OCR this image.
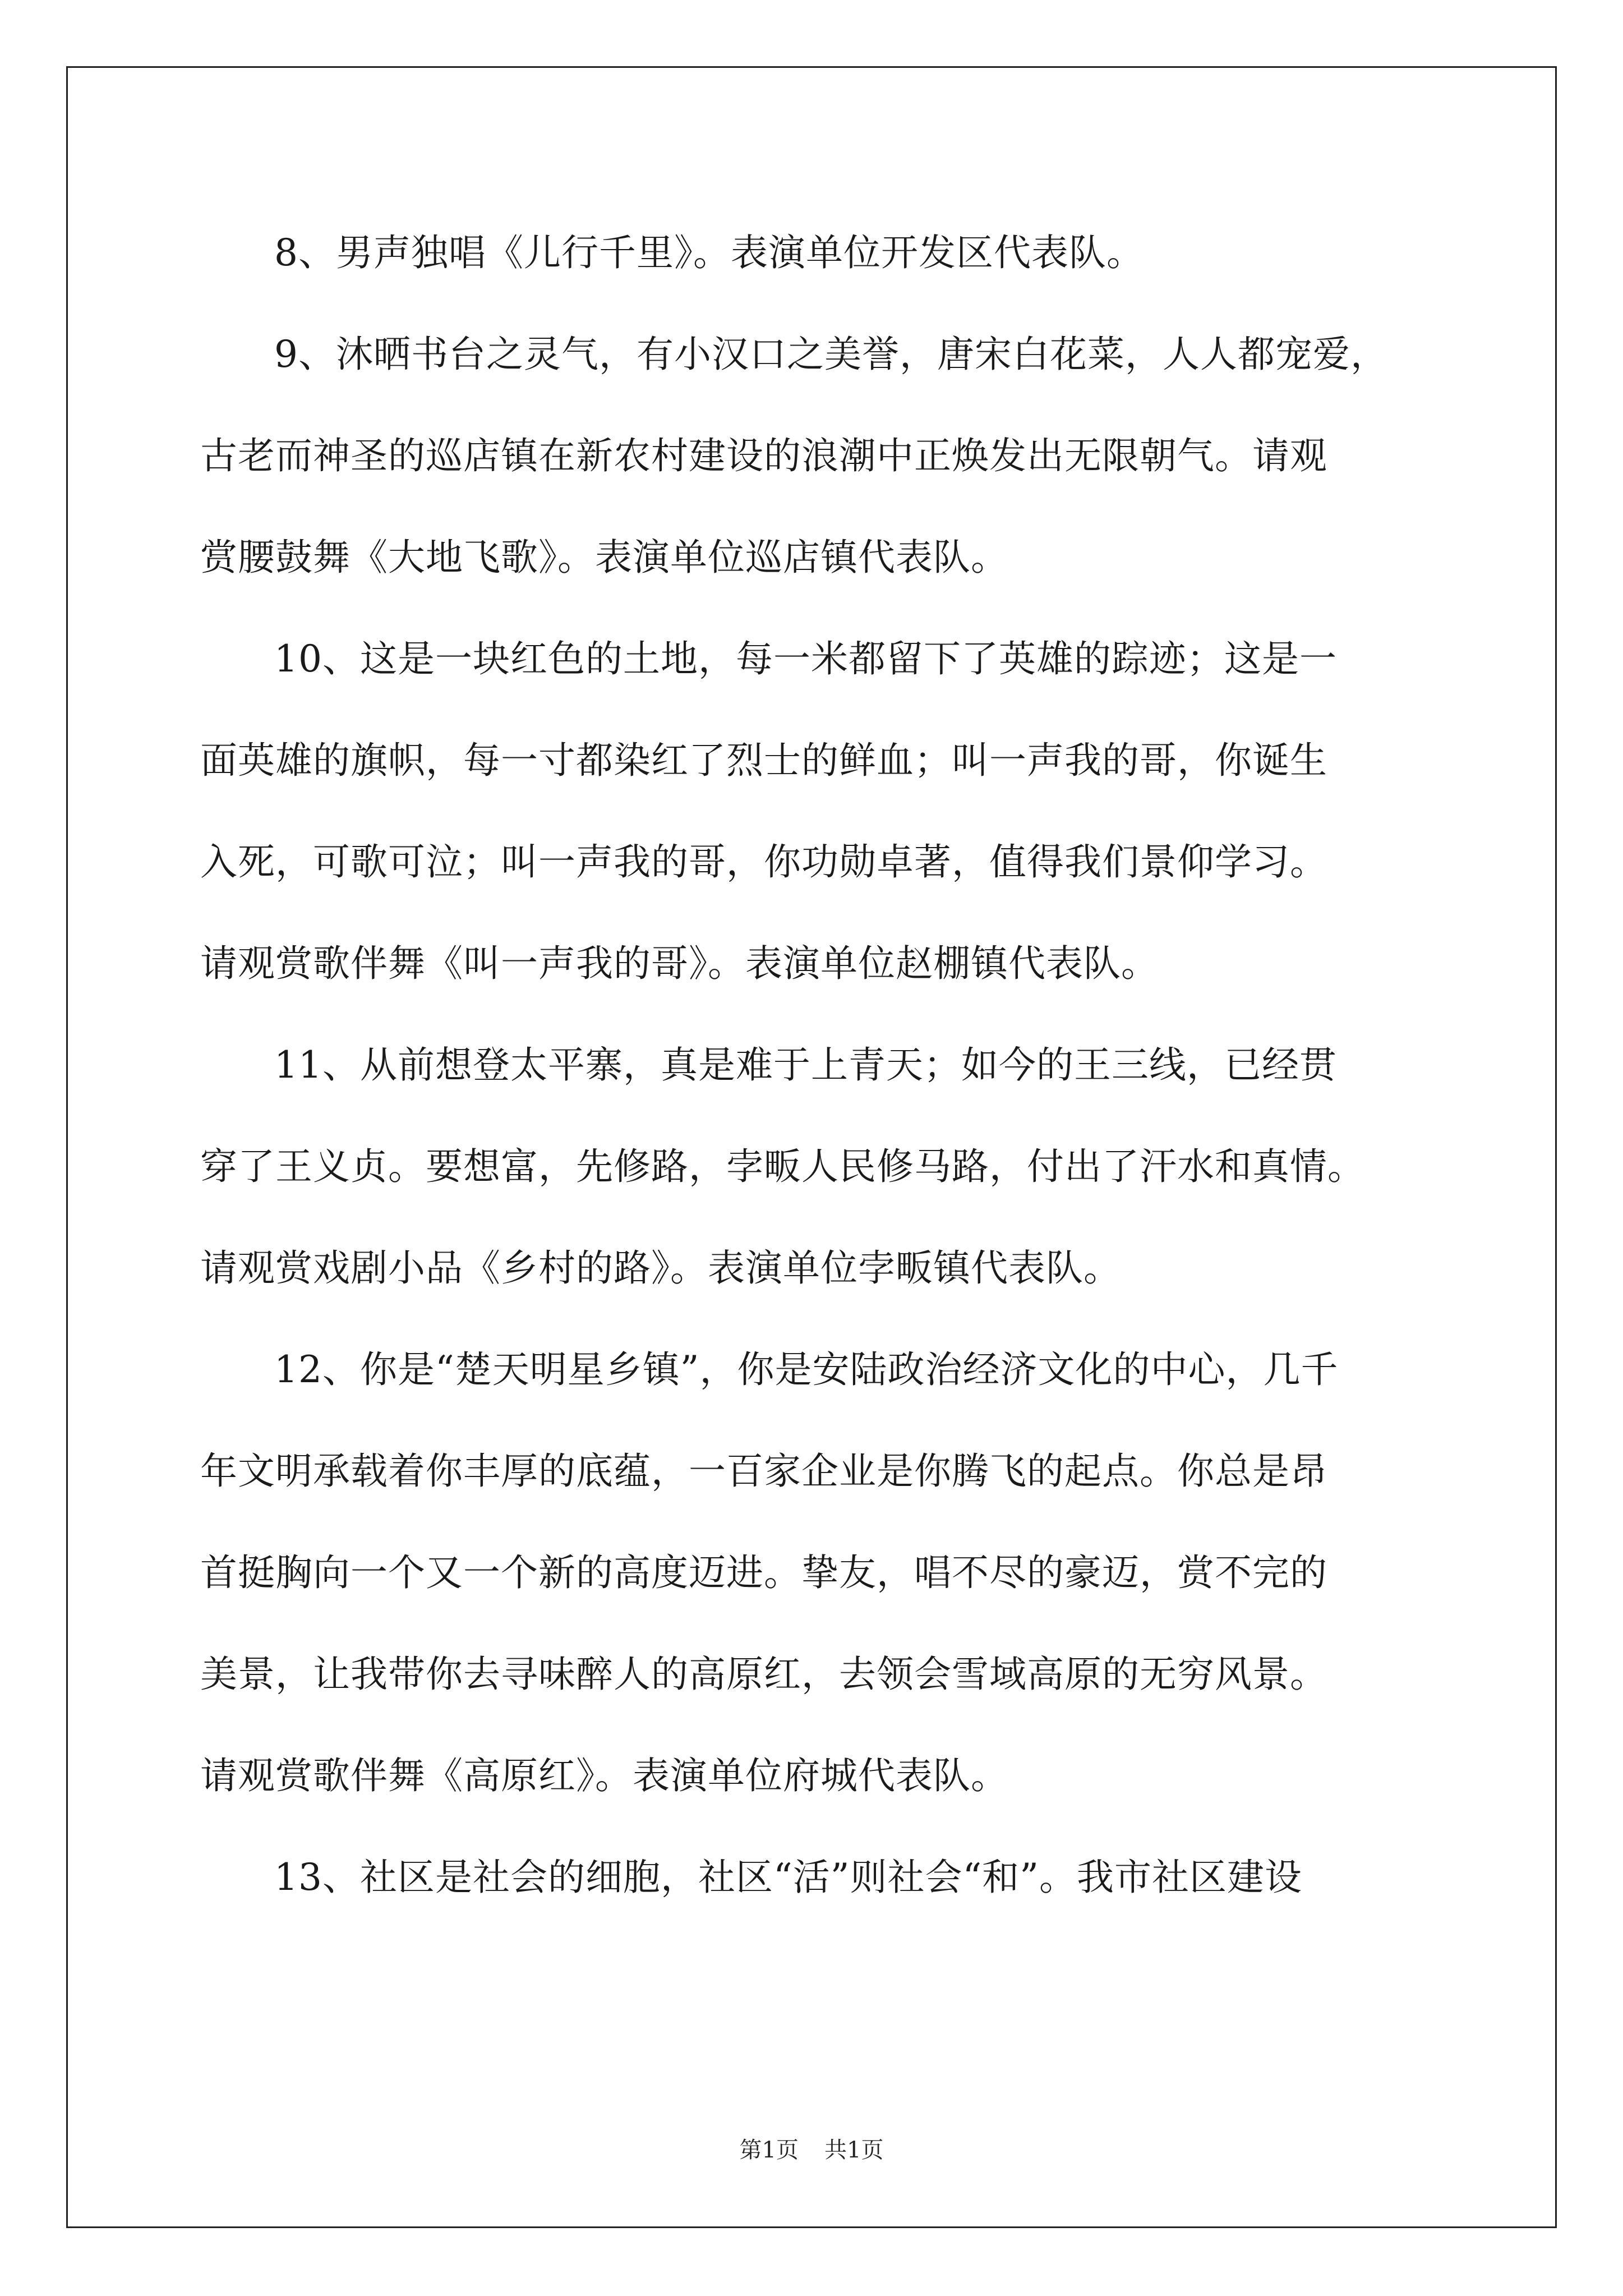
8、男声独唱《儿行千里》。表演单位开发区代表队。
9、沐晒书台之灵气，有小汉口之美誉，唐宋白花菜，人人都宠爱，
古老而神圣的巡店镇在新农村建设的浪潮中正焕发出无限朝气。请观
赏腰鼓舞《大地飞歌》。表演单位巡店镇代表队。
10、这是一块红色的土地，每一米都留下了英雄的踪迹；这是一
面英雄的旗帜，每一寸都染红了烈士的鲜血；叫一声我的哥，你诞生
入死，可歌可泣；叫一声我的哥，你功勋卓著，值得我们景仰学习。
请观赏歌伴舞《叫一声我的哥》。表演单位赵棚镇代表队。
11、从前想登太平寨，真是难于上青天；如今的王三线，已经贯
穿了王义贞。要想富，先修路，孛畈人民修马路，付出了汗水和真情。
请观赏戏剧小品《乡村的路》。表演单位孛畈镇代表队。
12、你是“楚天明星乡镇”，你是安陆政治经济文化的中心，几千
年文明承载着你丰厚的底蕴，一百家企业是你腾飞的起点。你总是昂
首挺胸向一个又一个新的高度迈进。挚友，唱不尽的豪迈，赏不完的
美景，让我带你去寻味醉人的高原红，去领会雪域高原的无穷风景。
请观赏歌伴舞《高原红》。表演单位府城代表队。
13、社区是社会的细胞，社区“活”则社会“和”。我市社区建设
第1页 共1页
